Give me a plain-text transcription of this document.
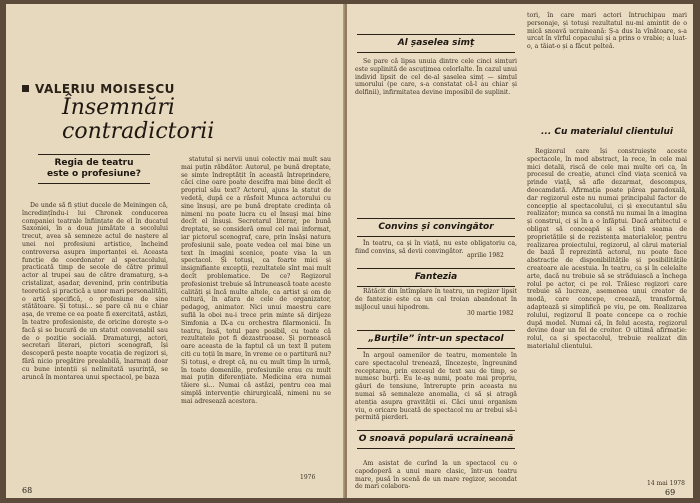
VALERIU MOISESCU
Însemnări
contradictorii
Regia de teatru
este o profesiune?

De unde să fi știut ducele de Meiningen că, încredințîndu-i lui Chronek conducerea companiei teatrale înființate de el în ducatul Saxoniei, în a doua jumătate a secolului trecut, avea să semneze actul de naștere al unei noi profesiuni artistice, încheind controversa asupra importanței ei. Aceasta funcție de coordonator al spectacolului, practicată timp de secole de către primul actor al trupei sau de către dramaturg, s-a cristalizat, așadar, devenind, prin contribuția teoretică și practică a unor mari personalități, o artă specifică, o profesiune de sine stătătoare. Și totuși... se pare că nu e chiar așa, de vreme ce ea poate fi exercitată, astăzi, în teatre profesioniste, de oricine dorește s-o facă și se bucură de un statut convenabil sau de o poziție socială. Dramaturgi, actori, secretari literari, pictori scenografi, își descoperă peste noapte vocația de regizori și, fără nicio pregătire prealabilă, înarmați doar cu bune intenții și nelimitată ușurință, se aruncă în montarea unui spectacol, pe baza

statutul și nervii unui colectiv mai mult sau mai puțin răbdător. Autorul, pe bună dreptate, se simte îndreptățit în această întreprindere, căci cine oare poate descifra mai bine decît el propriul său text? Actorul, ajuns la statut de vedetă, după ce a răsfoit Munca actorului cu sine însuși, are pe bună dreptate credința că nimeni nu poate lucra cu el însuși mai bine decît el însuși. Secretarul literar, pe bună dreptate, se consideră omul cel mai informat, iar pictorul scenograf, care, prin însăși natura profesiunii sale, poate vedea cel mai bine un text în imagini scenice, poate visa la un spectacol. Și totuși, ca foarte mici și insignifiante excepții, rezultatele sînt mai mult decît problematice. De ce? Regizorul profesionist trebuie să întrunească toate aceste calități și încă multe altele, ca artist și om de cultură, în afara de cele de organizator, pedagog, animator. Nici unui maestru care suflă la oboi nu-i trece prin minte să dirijeze Simfonia a IX-a cu orchestra filarmonicii. În teatru, însă, totul pare posibil, cu toate că rezultatele pot fi dezastruoase. Și pornească oare aceasta de la faptul că un text îl putem citi cu toții în mare, în vreme ce o partitură nu? Și totuși, e drept că, nu cu mult timp în urmă, în toate domeniile, profesiunile erau cu mult mai puțin diferențiate. Medicina era numai tăiere și... Numai că astăzi, pentru cea mai simplă intervenție chirurgicală, nimeni nu se mai adresează acestora.

1976
68
Al șaselea simț

Se pare că lipsa unuia dintre cele cinci simțuri este suplinită de ascuțimea celorlalte. În cazul unui individ lipsit de cel de-al șaselea simț — simțul umorului (pe care, s-a constatat că-l au chiar și delfinii), infirmitatea devine imposibil de suplinit.

Convins și convingător

În teatru, ca și în viață, nu este obligatoriu ca, fiind convins, să devii convingător.

aprilie 1982
Fantezia

Rătăcit din întîmplare în teatru, un regizor lipsit de fantezie este ca un cal troian abandonat în mijlocul unui hipodrom.

30 martie 1982
„Burțile” într-un spectacol

În argoul oamenilor de teatru, momentele în care spectacolul trenează, lîncezește, îngreunind receptarea, prin excesul de text sau de timp, se numesc burți. Eu le-aș numi, poate mai propriu, găuri de tensiune, întrerupte prin aceasta nu numai să semnaleze anomalia, ci să și atragă atenția asupra gravității ei. Căci unui organism viu, o oricare bucată de spectacol nu ar trebui să-i permită pierderi.

O snoavă populară ucraineană

Am asistat de curînd la un spectacol cu o capodoperă a unui mare clasic, într-un teatru mare, pusă în scenă de un mare regizor, secondat de mari colabora-

tori, în care mari actori întruchipau mari personaje, și totuși rezultatul nu-mi amintit de o mică snoavă ucraineană: Ș-a dus la vînătoare, s-a urcat în vîrful copacului și a prins o vrabie; a luat-o, a tăiat-o și a făcut pelteă.

... Cu materialul clientului

Regizorul care își construiește aceste spectacole, în mod abstract, la rece, în cele mai mici detalii, riscă de cele mai multe ori ca, în procesul de creație, atunci cînd viața scenică va prinde viață, să afle dezarmat, descompus, deocamdată. Afirmația poate părea paradoxală, dar regizorul este nu numai principalul factor de concepție al spectacolului, ci și executantul său realizator; munca sa constă nu numai în a imagina și construi, ci și în a o înfăptui. Dacă arhitectul e obligat să conceapă și să țină seama de proprietățile și de rezistența materialelor, pentru realizarea proiectului, regizorul, al cărui material de bază îl reprezintă actorul, nu poate face abstracție de disponibilitățile și posibilitățile creatoare ale acestuia. În teatru, ca și în celelalte arte, dacă nu trebuie să se străduiască a închega rolul pe actor, ci pe rol. Trăiesc regizori care trebuie să lucreze, asemenea unui creator de modă, care concepe, creează, transformă, adaptează și simplifică pe viu, pe om. Realizarea rolului, regizorul îl poate concepe ca o rochie după model. Numai că, în felul acesta, regizorul devine doar un fel de croitor. O ultimă afirmație: rolul, ca și spectacolul, trebuie realizat din materialul clientului.

14 mai 1978
69
